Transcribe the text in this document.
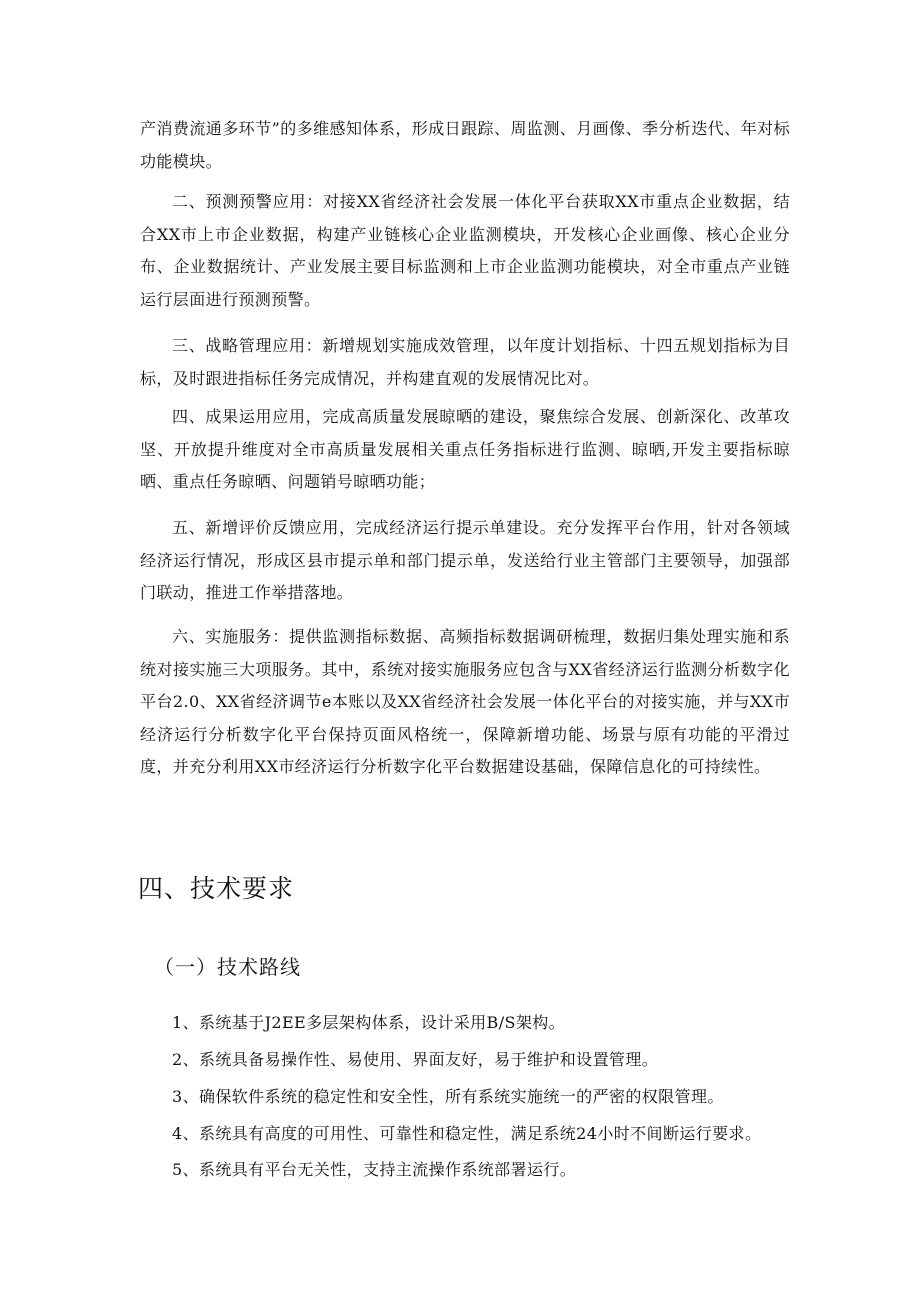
产消费流通多环节”的多维感知体系，形成日跟踪、周监测、月画像、季分析迭代、年对标功能模块。

二、预测预警应用：对接XX省经济社会发展一体化平台获取XX市重点企业数据，结合XX市上市企业数据，构建产业链核心企业监测模块，开发核心企业画像、核心企业分布、企业数据统计、产业发展主要目标监测和上市企业监测功能模块，对全市重点产业链运行层面进行预测预警。

三、战略管理应用：新增规划实施成效管理，以年度计划指标、十四五规划指标为目标，及时跟进指标任务完成情况，并构建直观的发展情况比对。

四、成果运用应用，完成高质量发展晾晒的建设，聚焦综合发展、创新深化、改革攻坚、开放提升维度对全市高质量发展相关重点任务指标进行监测、晾晒,开发主要指标晾晒、重点任务晾晒、问题销号晾晒功能；

五、新增评价反馈应用，完成经济运行提示单建设。充分发挥平台作用，针对各领域经济运行情况，形成区县市提示单和部门提示单，发送给行业主管部门主要领导，加强部门联动，推进工作举措落地。

六、实施服务：提供监测指标数据、高频指标数据调研梳理，数据归集处理实施和系统对接实施三大项服务。其中，系统对接实施服务应包含与XX省经济运行监测分析数字化平台2.0、XX省经济调节e本账以及XX省经济社会发展一体化平台的对接实施，并与XX市经济运行分析数字化平台保持页面风格统一，保障新增功能、场景与原有功能的平滑过度，并充分利用XX市经济运行分析数字化平台数据建设基础，保障信息化的可持续性。

四、技术要求
（一）技术路线

1、系统基于J2EE多层架构体系，设计采用B/S架构。

2、系统具备易操作性、易使用、界面友好，易于维护和设置管理。

3、确保软件系统的稳定性和安全性，所有系统实施统一的严密的权限管理。

4、系统具有高度的可用性、可靠性和稳定性，满足系统24小时不间断运行要求。

5、系统具有平台无关性，支持主流操作系统部署运行。
